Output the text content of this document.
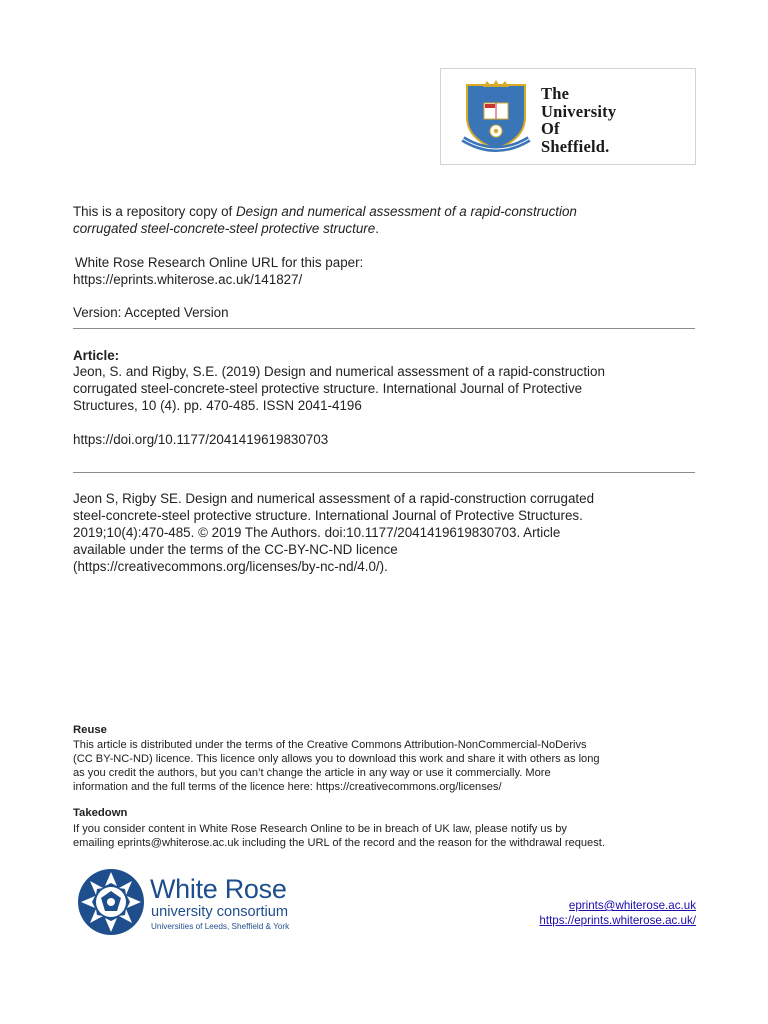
The
University
Of
Sheffield.
This is a repository copy of Design and numerical assessment of a rapid-construction
corrugated steel-concrete-steel protective structure.
White Rose Research Online URL for this paper:
https://eprints.whiterose.ac.uk/141827/
Version: Accepted Version
Article:
Jeon, S. and Rigby, S.E. (2019) Design and numerical assessment of a rapid-construction
corrugated steel-concrete-steel protective structure. International Journal of Protective
Structures, 10 (4). pp. 470-485. ISSN 2041-4196
https://doi.org/10.1177/2041419619830703
Jeon S, Rigby SE. Design and numerical assessment of a rapid-construction corrugated
steel-concrete-steel protective structure. International Journal of Protective Structures.
2019;10(4):470-485. © 2019 The Authors. doi:10.1177/2041419619830703. Article
available under the terms of the CC-BY-NC-ND licence
(https://creativecommons.org/licenses/by-nc-nd/4.0/).
Reuse
This article is distributed under the terms of the Creative Commons Attribution-NonCommercial-NoDerivs
(CC BY-NC-ND) licence. This licence only allows you to download this work and share it with others as long
as you credit the authors, but you can’t change the article in any way or use it commercially. More
information and the full terms of the licence here: https://creativecommons.org/licenses/
Takedown
If you consider content in White Rose Research Online to be in breach of UK law, please notify us by
emailing eprints@whiterose.ac.uk including the URL of the record and the reason for the withdrawal request.
White Rose
university consortium
Universities of Leeds, Sheffield & York
eprints@whiterose.ac.uk
https://eprints.whiterose.ac.uk/
